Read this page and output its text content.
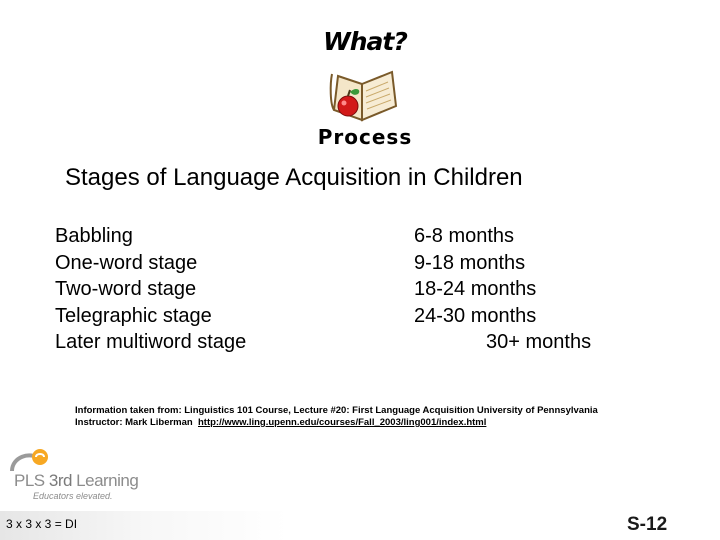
What?
Process
Stages of Language Acquisition in Children
Babbling
One-word stage
Two-word stage
Telegraphic stage
Later multiword stage
6-8 months
9-18 months
18-24 months
24-30 months
30+ months
Information taken from: Linguistics 101 Course, Lecture #20: First Language Acquisition University of Pennsylvania
Instructor: Mark Liberman http://www.ling.upenn.edu/courses/Fall_2003/ling001/index.html
PLS 3rd Learning
Educators elevated.
3 x 3 x 3 = DI	S-12
